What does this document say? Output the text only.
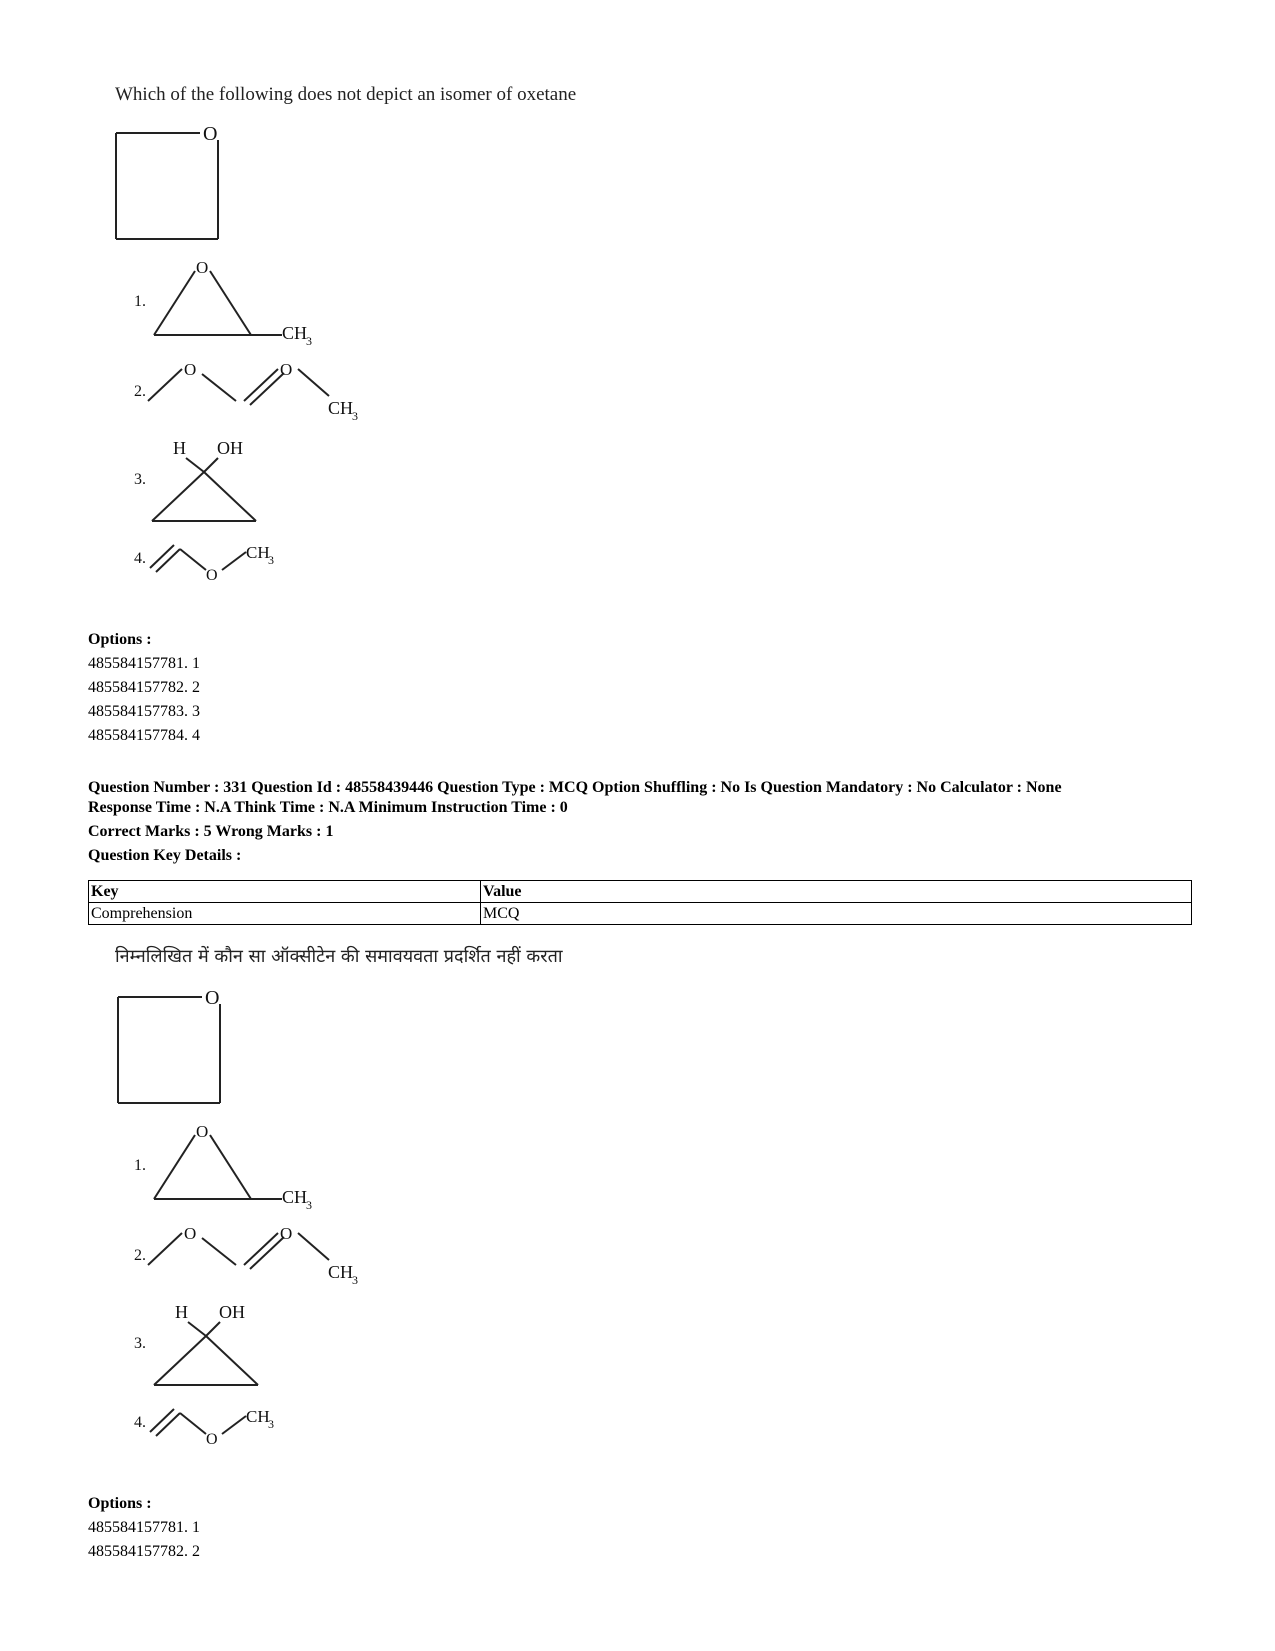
Which of the following does not depict an isomer of oxetane
O
1.
O
CH
3
2.
O	O
CH
3
H OH
3.
4.
O
CH
3
Options :
485584157781. 1
485584157782. 2
485584157783. 3
485584157784. 4
Question Number : 331 Question Id : 48558439446 Question Type : MCQ Option Shuffling : No Is Question Mandatory : No Calculator : None
Response Time : N.A Think Time : N.A Minimum Instruction Time : 0
Correct Marks : 5 Wrong Marks : 1
Question Key Details :
Key	Value
Comprehension	MCQ
निम्नलिखित में कौन सा ऑक्सीटेन की समावयवता प्रदर्शित नहीं करता
O
1.
O
CH
3
2.
O	O
CH
3
H OH
3.
4.
O
CH
3
Options :
485584157781. 1
485584157782. 2
